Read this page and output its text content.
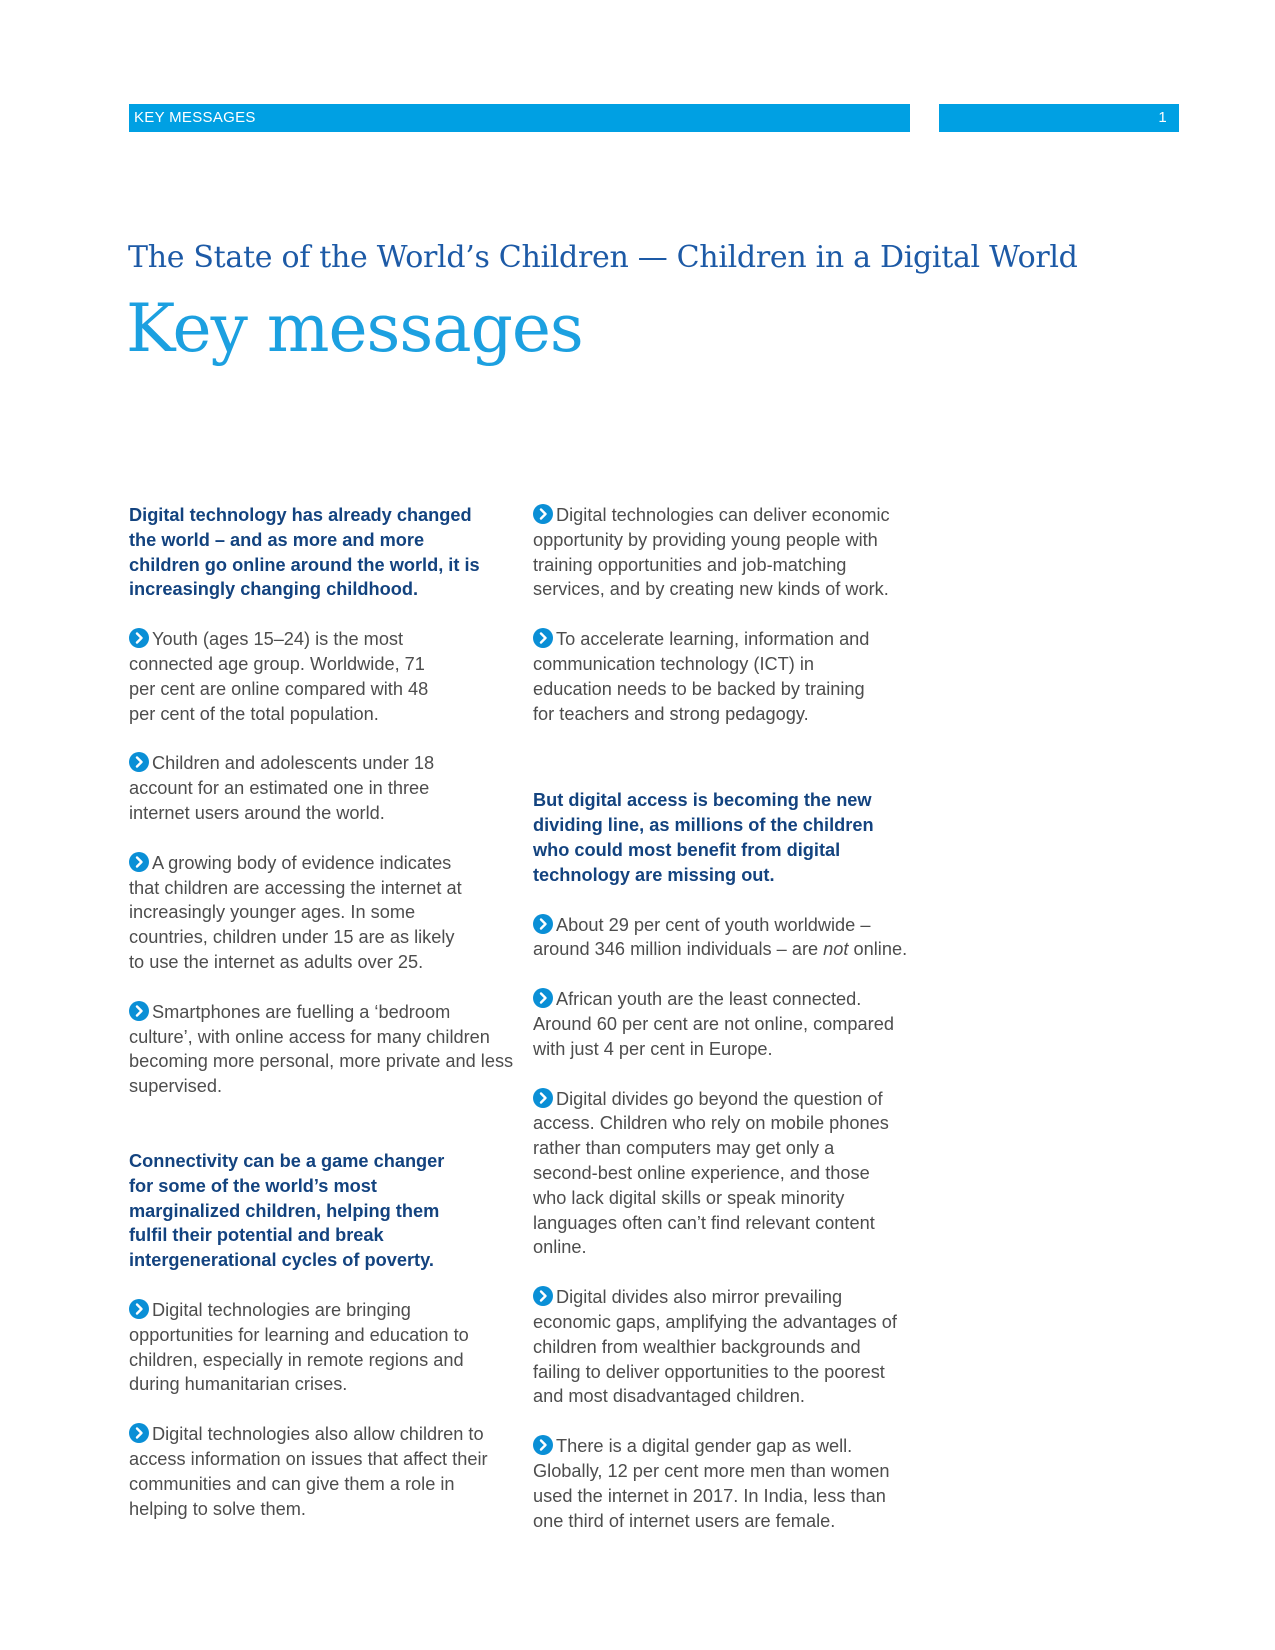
KEY MESSAGES	1
The State of the World’s Children — Children in a Digital World
Key messages

Digital technology has already changed the world – and as more and more children go online around the world, it is increasingly changing childhood.

Youth (ages 15–24) is the most connected age group. Worldwide, 71 per cent are online compared with 48 per cent of the total population.

Children and adolescents under 18 account for an estimated one in three internet users around the world.

A growing body of evidence indicates that children are accessing the internet at increasingly younger ages. In some countries, children under 15 are as likely to use the internet as adults over 25.

Smartphones are fuelling a ‘bedroom culture’, with online access for many children becoming more personal, more private and less supervised.

Connectivity can be a game changer for some of the world’s most marginalized children, helping them fulfil their potential and break intergenerational cycles of poverty.

Digital technologies are bringing opportunities for learning and education to children, especially in remote regions and during humanitarian crises.

Digital technologies also allow children to access information on issues that affect their communities and can give them a role in helping to solve them.

Digital technologies can deliver economic opportunity by providing young people with training opportunities and job-matching services, and by creating new kinds of work.

To accelerate learning, information and communication technology (ICT) in education needs to be backed by training for teachers and strong pedagogy.

But digital access is becoming the new dividing line, as millions of the children who could most benefit from digital technology are missing out.

About 29 per cent of youth worldwide – around 346 million individuals – are not online.

African youth are the least connected. Around 60 per cent are not online, compared with just 4 per cent in Europe.

Digital divides go beyond the question of access. Children who rely on mobile phones rather than computers may get only a second-best online experience, and those who lack digital skills or speak minority languages often can’t find relevant content online.

Digital divides also mirror prevailing economic gaps, amplifying the advantages of children from wealthier backgrounds and failing to deliver opportunities to the poorest and most disadvantaged children.

There is a digital gender gap as well. Globally, 12 per cent more men than women used the internet in 2017. In India, less than one third of internet users are female.
